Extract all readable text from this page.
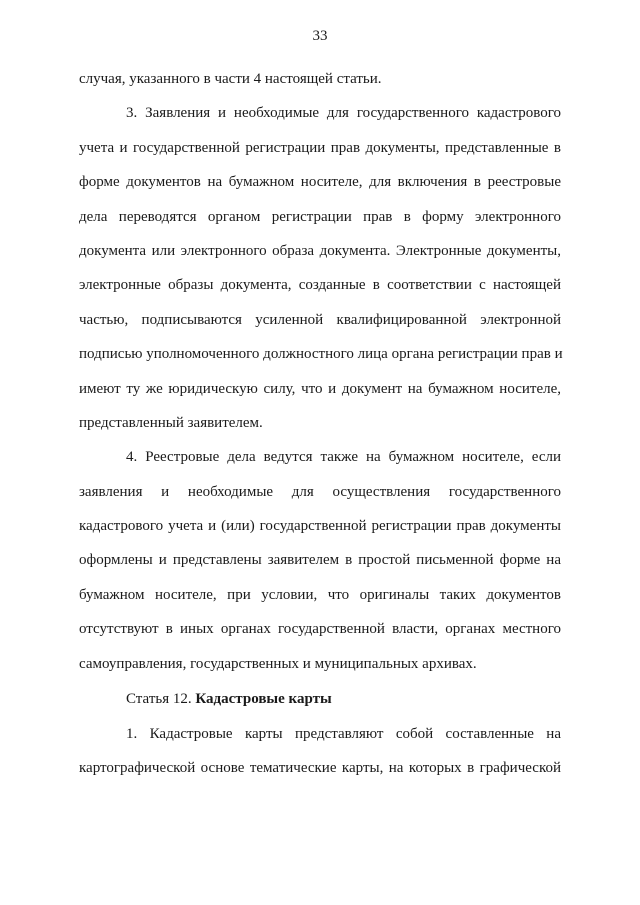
33
случая, указанного в части 4 настоящей статьи.
3. Заявления и необходимые для государственного кадастрового
учета и государственной регистрации прав документы, представленные в
форме документов на бумажном носителе, для включения в реестровые
дела переводятся органом регистрации прав в форму электронного
документа или электронного образа документа. Электронные документы,
электронные образы документа, созданные в соответствии с настоящей
частью, подписываются усиленной квалифицированной электронной
подписью уполномоченного должностного лица органа регистрации прав и
имеют ту же юридическую силу, что и документ на бумажном носителе,
представленный заявителем.
4. Реестровые дела ведутся также на бумажном носителе, если
заявления и необходимые для осуществления государственного
кадастрового учета и (или) государственной регистрации прав документы
оформлены и представлены заявителем в простой письменной форме на
бумажном носителе, при условии, что оригиналы таких документов
отсутствуют в иных органах государственной власти, органах местного
самоуправления, государственных и муниципальных архивах.
Статья 12. Кадастровые карты
1. Кадастровые карты представляют собой составленные на
картографической основе тематические карты, на которых в графической
